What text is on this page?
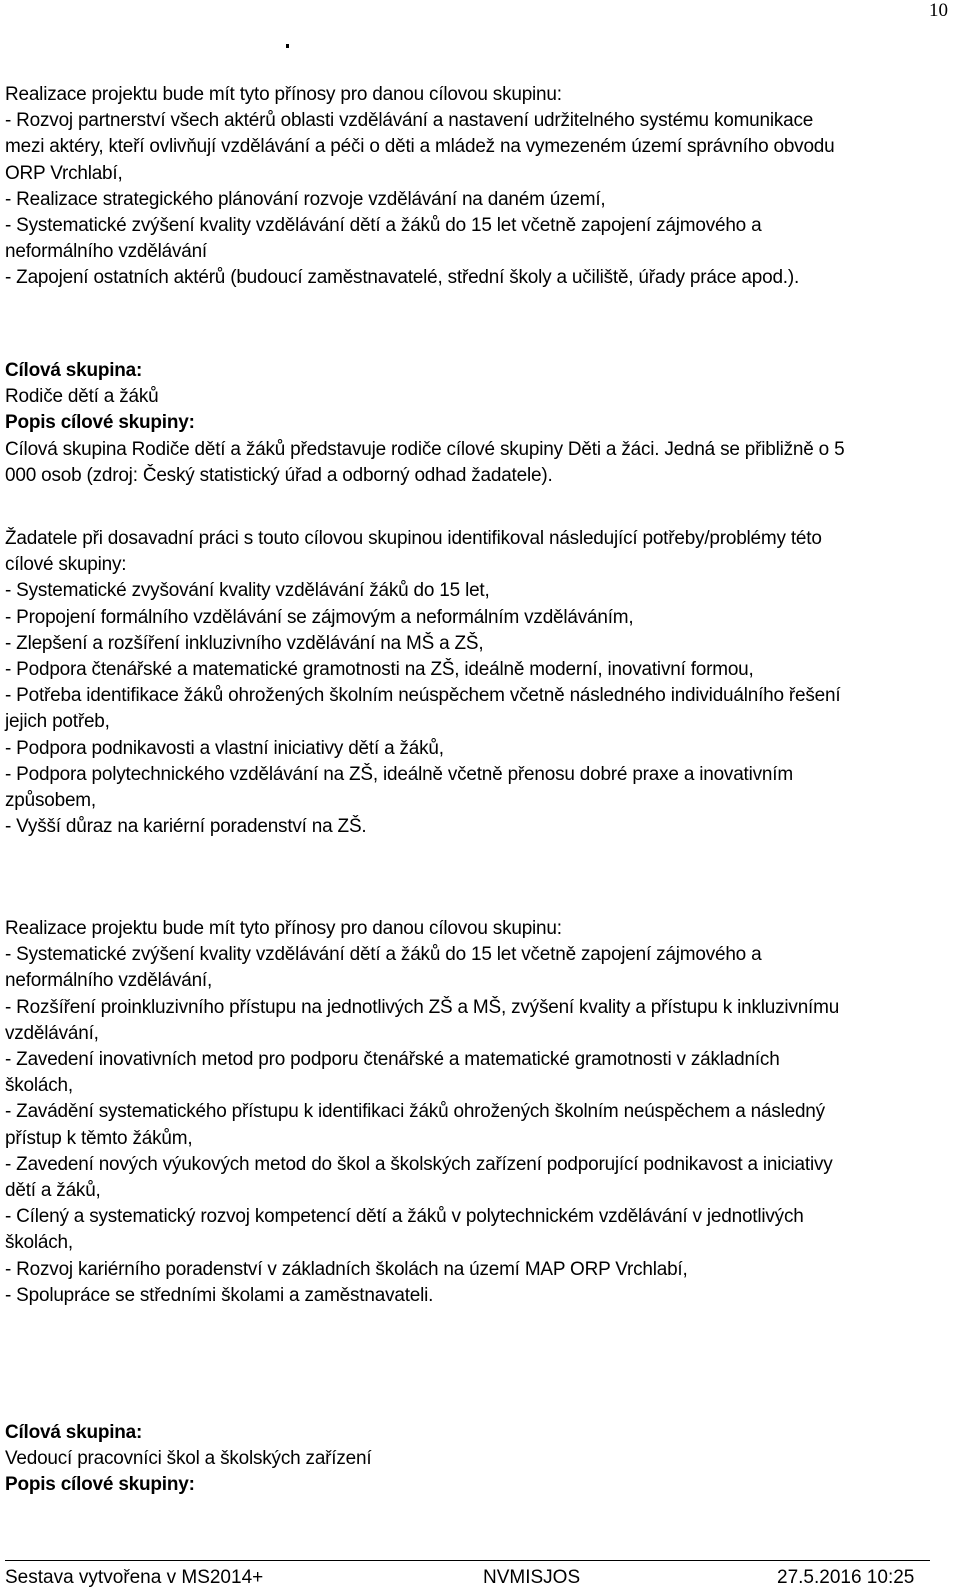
10
Realizace projektu bude mít tyto přínosy pro danou cílovou skupinu:
- Rozvoj partnerství všech aktérů oblasti vzdělávání a nastavení udržitelného systému komunikace
mezi aktéry, kteří ovlivňují vzdělávání a péči o děti a mládež na vymezeném území správního obvodu
ORP Vrchlabí,
- Realizace strategického plánování rozvoje vzdělávání na daném území,
- Systematické zvýšení kvality vzdělávání dětí a žáků do 15 let včetně zapojení zájmového a
neformálního vzdělávání
- Zapojení ostatních aktérů (budoucí zaměstnavatelé, střední školy a učiliště, úřady práce apod.).
Cílová skupina:
Rodiče dětí a žáků
Popis cílové skupiny:
Cílová skupina Rodiče dětí a žáků představuje rodiče cílové skupiny Děti a žáci. Jedná se přibližně o 5
000 osob (zdroj: Český statistický úřad a odborný odhad žadatele).
Žadatele při dosavadní práci s touto cílovou skupinou identifikoval následující potřeby/problémy této
cílové skupiny:
- Systematické zvyšování kvality vzdělávání žáků do 15 let,
- Propojení formálního vzdělávání se zájmovým a neformálním vzděláváním,
- Zlepšení a rozšíření inkluzivního vzdělávání na MŠ a ZŠ,
- Podpora čtenářské a matematické gramotnosti na ZŠ, ideálně moderní, inovativní formou,
- Potřeba identifikace žáků ohrožených školním neúspěchem včetně následného individuálního řešení
jejich potřeb,
- Podpora podnikavosti a vlastní iniciativy dětí a žáků,
- Podpora polytechnického vzdělávání na ZŠ, ideálně včetně přenosu dobré praxe a inovativním
způsobem,
- Vyšší důraz na kariérní poradenství na ZŠ.
Realizace projektu bude mít tyto přínosy pro danou cílovou skupinu:
- Systematické zvýšení kvality vzdělávání dětí a žáků do 15 let včetně zapojení zájmového a
neformálního vzdělávání,
- Rozšíření proinkluzivního přístupu na jednotlivých ZŠ a MŠ, zvýšení kvality a přístupu k inkluzivnímu
vzdělávání,
- Zavedení inovativních metod pro podporu čtenářské a matematické gramotnosti v základních
školách,
- Zavádění systematického přístupu k identifikaci žáků ohrožených školním neúspěchem a následný
přístup k těmto žákům,
- Zavedení nových výukových metod do škol a školských zařízení podporující podnikavost a iniciativy
dětí a žáků,
- Cílený a systematický rozvoj kompetencí dětí a žáků v polytechnickém vzdělávání v jednotlivých
školách,
- Rozvoj kariérního poradenství v základních školách na území MAP ORP Vrchlabí,
- Spolupráce se středními školami a zaměstnavateli.
Cílová skupina:
Vedoucí pracovníci škol a školských zařízení
Popis cílové skupiny:
Sestava vytvořena v MS2014+	NVMISJOS	27.5.2016 10:25
